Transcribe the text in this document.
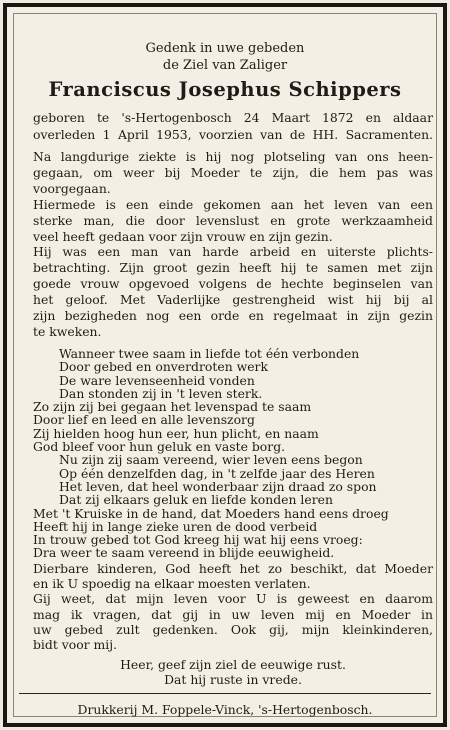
Gedenk in uwe gebeden
de Ziel van Zaliger
Franciscus Josephus Schippers
geboren te 's-Hertogenbosch 24 Maart 1872 en aldaar
overleden 1 April 1953, voorzien van de HH. Sacramenten.
Na langdurige ziekte is hij nog plotseling van ons heen-
gegaan, om weer bij Moeder te zijn, die hem pas was
voorgegaan.
Hiermede is een einde gekomen aan het leven van een
sterke man, die door levenslust en grote werkzaamheid
veel heeft gedaan voor zijn vrouw en zijn gezin.
Hij was een man van harde arbeid en uiterste plichts-
betrachting. Zijn groot gezin heeft hij te samen met zijn
goede vrouw opgevoed volgens de hechte beginselen van
het geloof. Met Vaderlijke gestrengheid wist hij bij al
zijn bezigheden nog een orde en regelmaat in zijn gezin
te kweken.
Wanneer twee saam in liefde tot één verbonden
Door gebed en onverdroten werk
De ware levenseenheid vonden
Dan stonden zij in 't leven sterk.
Zo zijn zij bei gegaan het levenspad te saam
Door lief en leed en alle levenszorg
Zij hielden hoog hun eer, hun plicht, en naam
God bleef voor hun geluk en vaste borg.
Nu zijn zij saam vereend, wier leven eens begon
Op één denzelfden dag, in 't zelfde jaar des Heren
Het leven, dat heel wonderbaar zijn draad zo spon
Dat zij elkaars geluk en liefde konden leren
Met 't Kruiske in de hand, dat Moeders hand eens droeg
Heeft hij in lange zieke uren de dood verbeid
In trouw gebed tot God kreeg hij wat hij eens vroeg:
Dra weer te saam vereend in blijde eeuwigheid.
Dierbare kinderen, God heeft het zo beschikt, dat Moeder
en ik U spoedig na elkaar moesten verlaten.
Gij weet, dat mijn leven voor U is geweest en daarom
mag ik vragen, dat gij in uw leven mij en Moeder in
uw gebed zult gedenken. Ook gij, mijn kleinkinderen,
bidt voor mij.
Heer, geef zijn ziel de eeuwige rust.
Dat hij ruste in vrede.
Drukkerij M. Foppele-Vinck, 's-Hertogenbosch.
